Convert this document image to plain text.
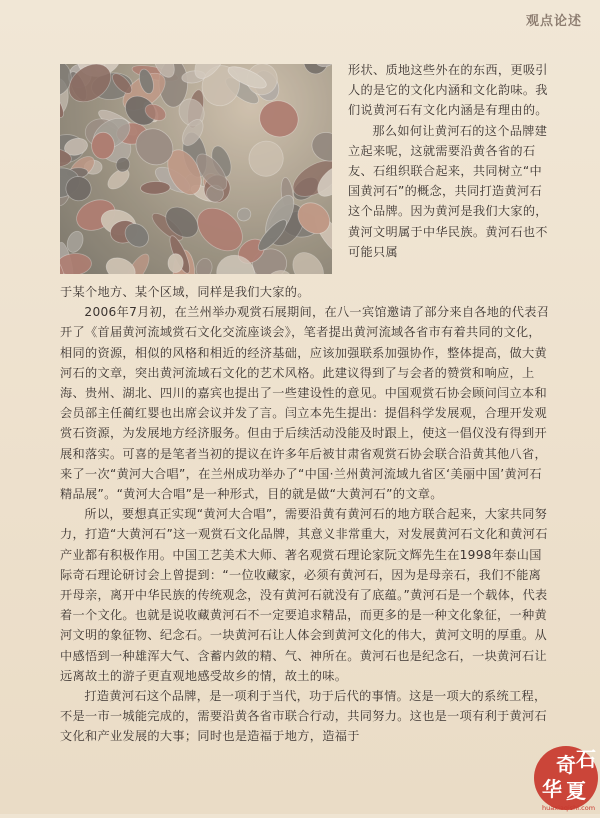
观点论述

形状、质地这些外在的东西，更吸引人的是它的文化内涵和文化韵味。我们说黄河石有文化内涵是有理由的。

那么如何让黄河石的这个品牌建立起来呢，这就需要沿黄各省的石友、石组织联合起来，共同树立“中国黄河石”的概念，共同打造黄河石这个品牌。因为黄河是我们大家的，黄河文明属于中华民族。黄河石也不可能只属

于某个地方、某个区域，同样是我们大家的。

2006年7月初，在兰州举办观赏石展期间，在八一宾馆邀请了部分来自各地的代表召开了《首届黄河流域赏石文化交流座谈会》，笔者提出黄河流域各省市有着共同的文化，相同的资源，相似的风格和相近的经济基础，应该加强联系加强协作，整体提高，做大黄河石的文章，突出黄河流域石文化的艺术风格。此建议得到了与会者的赞赏和响应，上海、贵州、湖北、四川的嘉宾也提出了一些建设性的意见。中国观赏石协会顾问闫立本和会员部主任蔺红婴也出席会议并发了言。闫立本先生提出：提倡科学发展观，合理开发观赏石资源，为发展地方经济服务。但由于后续活动没能及时跟上，使这一倡仪没有得到开展和落实。可喜的是笔者当初的提议在许多年后被甘肃省观赏石协会联合沿黄其他八省，来了一次“黄河大合唱”，在兰州成功举办了“中国·兰州黄河流域九省区‘美丽中国’黄河石精品展”。“黄河大合唱”是一种形式，目的就是做“大黄河石”的文章。

所以，要想真正实现“黄河大合唱”，需要沿黄有黄河石的地方联合起来，大家共同努力，打造“大黄河石”这一观赏石文化品牌，其意义非常重大，对发展黄河石文化和黄河石产业都有积极作用。中国工艺美术大师、著名观赏石理论家阮文辉先生在1998年泰山国际奇石理论研讨会上曾提到：“一位收藏家，必须有黄河石，因为是母亲石，我们不能离开母亲，离开中华民族的传统观念，没有黄河石就没有了底蕴。”黄河石是一个载体，代表着一个文化。也就是说收藏黄河石不一定要追求精品，而更多的是一种文化象征，一种黄河文明的象征物、纪念石。一块黄河石让人体会到黄河文化的伟大，黄河文明的厚重。从中感悟到一种雄浑大气、含蓄内敛的精、气、神所在。黄河石也是纪念石，一块黄河石让远离故土的游子更直观地感受故乡的情，故土的味。

打造黄河石这个品牌，是一项利于当代，功于后代的事情。这是一项大的系统工程，不是一市一城能完成的，需要沿黄各省市联合行动，共同努力。这也是一项有利于黄河石文化和产业发展的大事；同时也是造福于地方，造福于

奇 石
华 夏
huaxiaqishi.com
